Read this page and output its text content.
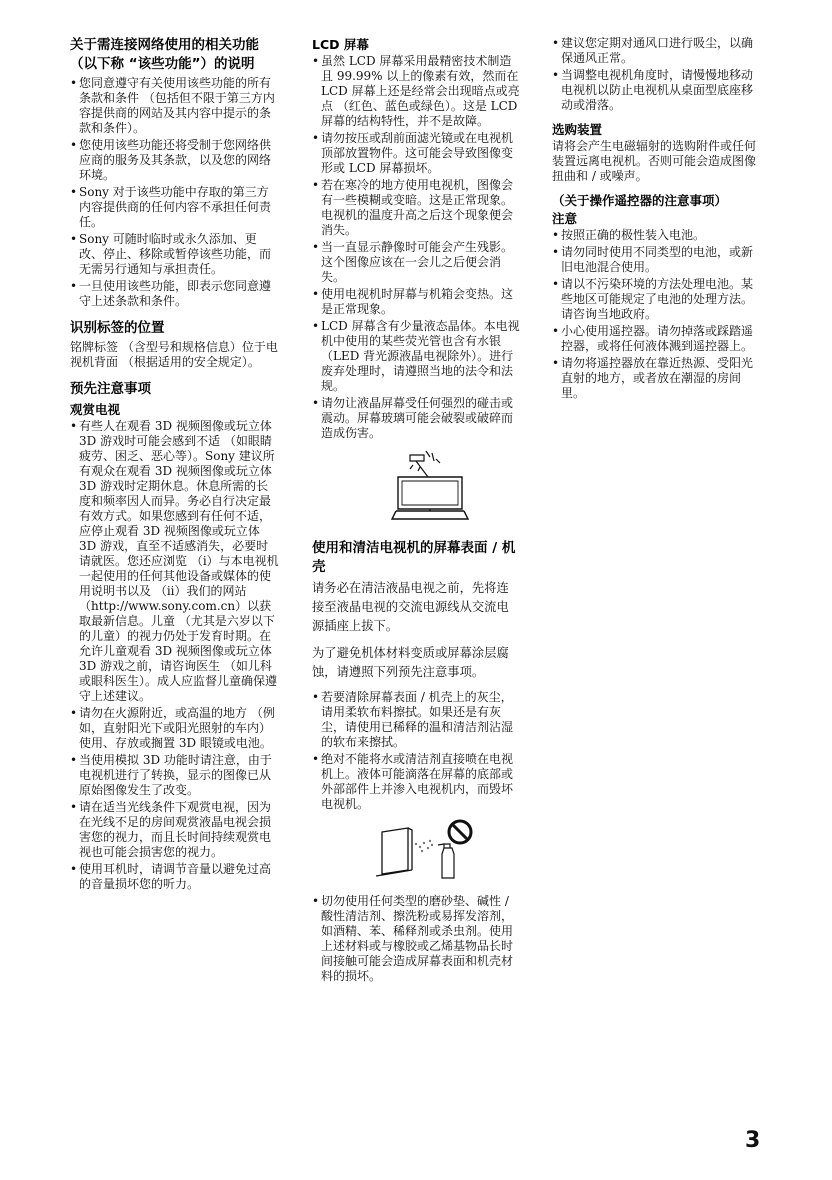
关于需连接网络使用的相关功能 （以下称 “该些功能”）的说明
• 您同意遵守有关使用该些功能的所有条款和条件 （包括但不限于第三方内容提供商的网站及其内容中提示的条款和条件）。
• 您使用该些功能还将受制于您网络供应商的服务及其条款，以及您的网络环境。
• Sony 对于该些功能中存取的第三方内容提供商的任何内容不承担任何责任。
• Sony 可随时临时或永久添加、更改、停止、移除或暂停该些功能，而无需另行通知与承担责任。
• 一旦使用该些功能，即表示您同意遵守上述条款和条件。
识别标签的位置

铭牌标签 （含型号和规格信息）位于电视机背面 （根据适用的安全规定）。

预先注意事项
观赏电视
• 有些人在观看 3D 视频图像或玩立体 3D 游戏时可能会感到不适 （如眼睛疲劳、困乏、恶心等）。Sony 建议所有观众在观看 3D 视频图像或玩立体 3D 游戏时定期休息。休息所需的长度和频率因人而异。务必自行决定最有效方式。如果您感到有任何不适，应停止观看 3D 视频图像或玩立体 3D 游戏，直至不适感消失，必要时请就医。您还应浏览 （i）与本电视机一起使用的任何其他设备或媒体的使用说明书以及 （ii）我们的网站 （http://www.sony.com.cn）以获取最新信息。儿童 （尤其是六岁以下的儿童）的视力仍处于发育时期。在允许儿童观看 3D 视频图像或玩立体 3D 游戏之前，请咨询医生 （如儿科或眼科医生）。成人应监督儿童确保遵守上述建议。
• 请勿在火源附近，或高温的地方 （例如，直射阳光下或阳光照射的车内）使用、存放或搁置 3D 眼镜或电池。
• 当使用模拟 3D 功能时请注意，由于电视机进行了转换，显示的图像已从原始图像发生了改变。
• 请在适当光线条件下观赏电视，因为在光线不足的房间观赏液晶电视会损害您的视力，而且长时间持续观赏电视也可能会损害您的视力。
• 使用耳机时，请调节音量以避免过高的音量损坏您的听力。
LCD 屏幕
• 虽然 LCD 屏幕采用最精密技术制造且 99.99% 以上的像素有效，然而在 LCD 屏幕上还是经常会出现暗点或亮点 （红色、蓝色或绿色）。这是 LCD 屏幕的结构特性，并不是故障。
• 请勿按压或刮前面滤光镜或在电视机顶部放置物件。这可能会导致图像变形或 LCD 屏幕损坏。
• 若在寒冷的地方使用电视机，图像会有一些模糊或变暗。这是正常现象。电视机的温度升高之后这个现象便会消失。
• 当一直显示静像时可能会产生残影。这个图像应该在一会儿之后便会消失。
• 使用电视机时屏幕与机箱会变热。这是正常现象。
• LCD 屏幕含有少量液态晶体。本电视机中使用的某些荧光管也含有水银 （LED 背光源液晶电视除外）。进行废弃处理时，请遵照当地的法令和法规。
• 请勿让液晶屏幕受任何强烈的碰击或震动。屏幕玻璃可能会破裂或破碎而造成伤害。
使用和清洁电视机的屏幕表面 / 机壳

请务必在清洁液晶电视之前，先将连接至液晶电视的交流电源线从交流电源插座上拔下。

为了避免机体材料变质或屏幕涂层腐蚀，请遵照下列预先注意事项。

• 若要清除屏幕表面 / 机壳上的灰尘，请用柔软布料擦拭。如果还是有灰尘，请使用已稀释的温和清洁剂沾湿的软布来擦拭。
• 绝对不能将水或清洁剂直接喷在电视机上。液体可能滴落在屏幕的底部或外部部件上并渗入电视机内，而毁坏电视机。
• 切勿使用任何类型的磨砂垫、碱性 / 酸性清洁剂、擦洗粉或易挥发溶剂，如酒精、苯、稀释剂或杀虫剂。使用上述材料或与橡胶或乙烯基物品长时间接触可能会造成屏幕表面和机壳材料的损坏。
• 建议您定期对通风口进行吸尘，以确保通风正常。
• 当调整电视机角度时，请慢慢地移动电视机以防止电视机从桌面型底座移动或滑落。
选购装置

请将会产生电磁辐射的选购附件或任何装置远离电视机。否则可能会造成图像扭曲和 / 或噪声。

（关于操作遥控器的注意事项）
注意
• 按照正确的极性装入电池。
• 请勿同时使用不同类型的电池，或新旧电池混合使用。
• 请以不污染环境的方法处理电池。某些地区可能规定了电池的处理方法。请咨询当地政府。
• 小心使用遥控器。请勿掉落或踩踏遥控器，或将任何液体溅到遥控器上。
• 请勿将遥控器放在靠近热源、受阳光直射的地方，或者放在潮湿的房间里。
3
